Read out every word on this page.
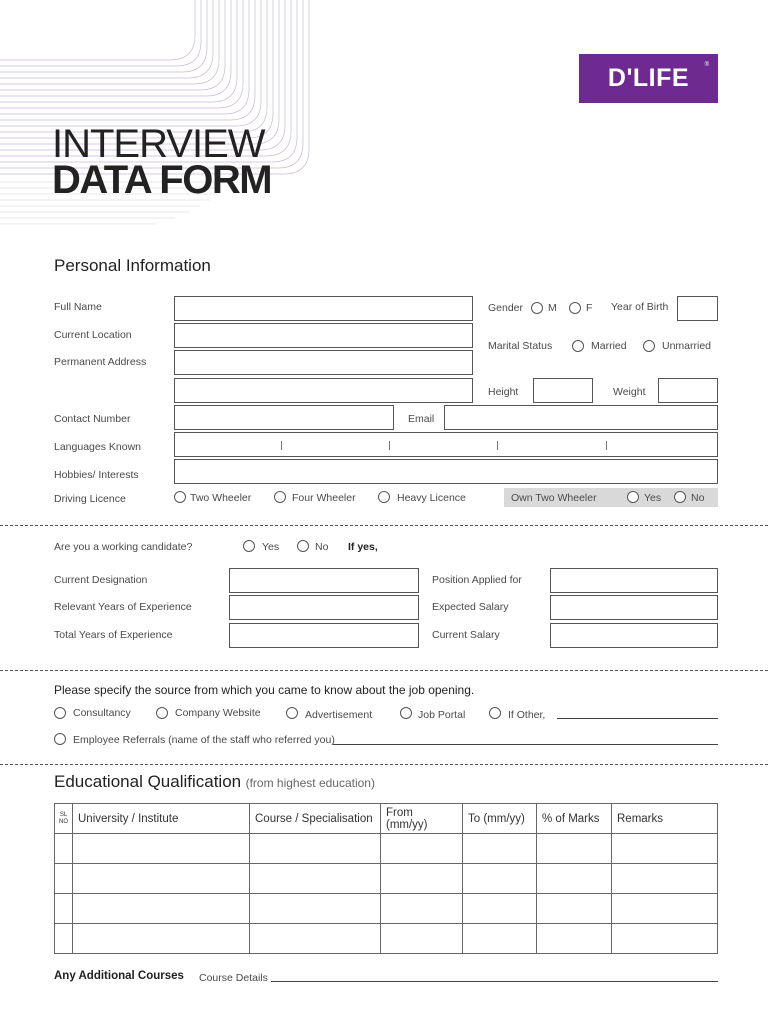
D'LIFE	®
INTERVIEW
DATA FORM
Personal Information
Full Name
Current Location
Permanent Address
Gender M	F Year of Birth
Marital Status	Married	Unmarried
Height	Weight
Contact Number	Email
Languages Known
Hobbies/ Interests
Driving Licence	Two Wheeler	Four Wheeler	Heavy Licence	Own Two Wheeler	Yes	No
Are you a working candidate?	Yes	No If yes,
Current Designation
Relevant Years of Experience
Total Years of Experience
Position Applied for
Expected Salary
Current Salary
Please specify the source from which you came to know about the job opening.
Consultancy	Company Website	Advertisement	Job Portal	If Other,
Employee Referrals (name of the staff who referred you)
Educational Qualification (from highest education)
SL NO	University / Institute	Course / Specialisation	From (mm/yy)	To (mm/yy)	% of Marks	Remarks

Any Additional Courses Course Details
